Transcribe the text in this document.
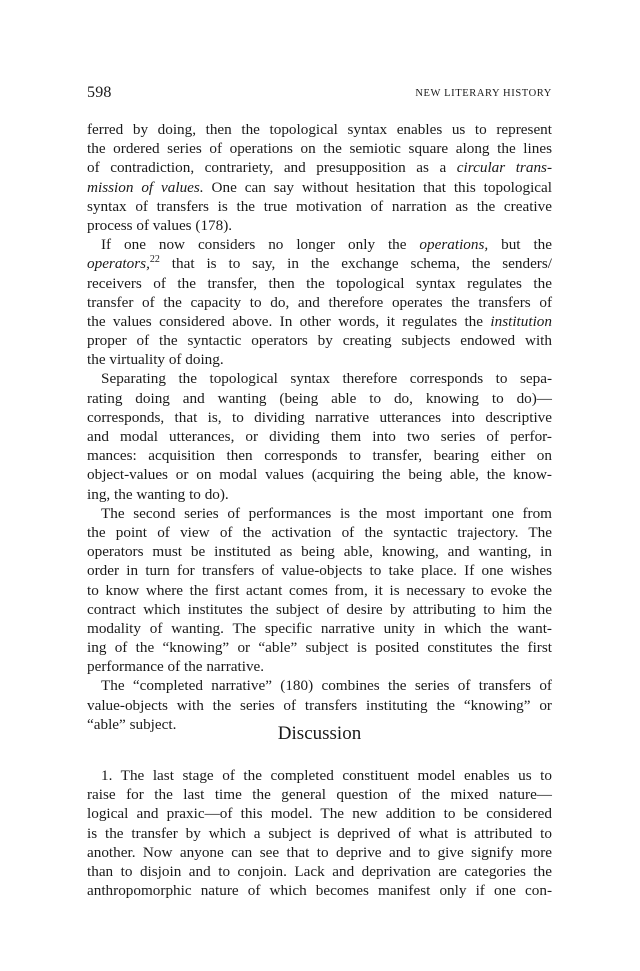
598	NEW LITERARY HISTORY
ferred by doing, then the topological syntax enables us to represent
the ordered series of operations on the semiotic square along the lines
of contradiction, contrariety, and presupposition as a circular trans-
mission of values. One can say without hesitation that this topological
syntax of transfers is the true motivation of narration as the creative
process of values (178).
If one now considers no longer only the operations, but the
operators,$^{22}$ that is to say, in the exchange schema, the senders/
receivers of the transfer, then the topological syntax regulates the
transfer of the capacity to do, and therefore operates the transfers of
the values considered above. In other words, it regulates the institution
proper of the syntactic operators by creating subjects endowed with
the virtuality of doing.
Separating the topological syntax therefore corresponds to sepa-
rating doing and wanting (being able to do, knowing to do)—
corresponds, that is, to dividing narrative utterances into descriptive
and modal utterances, or dividing them into two series of perfor-
mances: acquisition then corresponds to transfer, bearing either on
object-values or on modal values (acquiring the being able, the know-
ing, the wanting to do).
The second series of performances is the most important one from
the point of view of the activation of the syntactic trajectory. The
operators must be instituted as being able, knowing, and wanting, in
order in turn for transfers of value-objects to take place. If one wishes
to know where the first actant comes from, it is necessary to evoke the
contract which institutes the subject of desire by attributing to him the
modality of wanting. The specific narrative unity in which the want-
ing of the “knowing” or “able” subject is posited constitutes the first
performance of the narrative.
The “completed narrative” (180) combines the series of transfers of
value-objects with the series of transfers instituting the “knowing” or
“able” subject.	Discussion
1. The last stage of the completed constituent model enables us to
raise for the last time the general question of the mixed nature—
logical and praxic—of this model. The new addition to be considered
is the transfer by which a subject is deprived of what is attributed to
another. Now anyone can see that to deprive and to give signify more
than to disjoin and to conjoin. Lack and deprivation are categories the
anthropomorphic nature of which becomes manifest only if one con-
